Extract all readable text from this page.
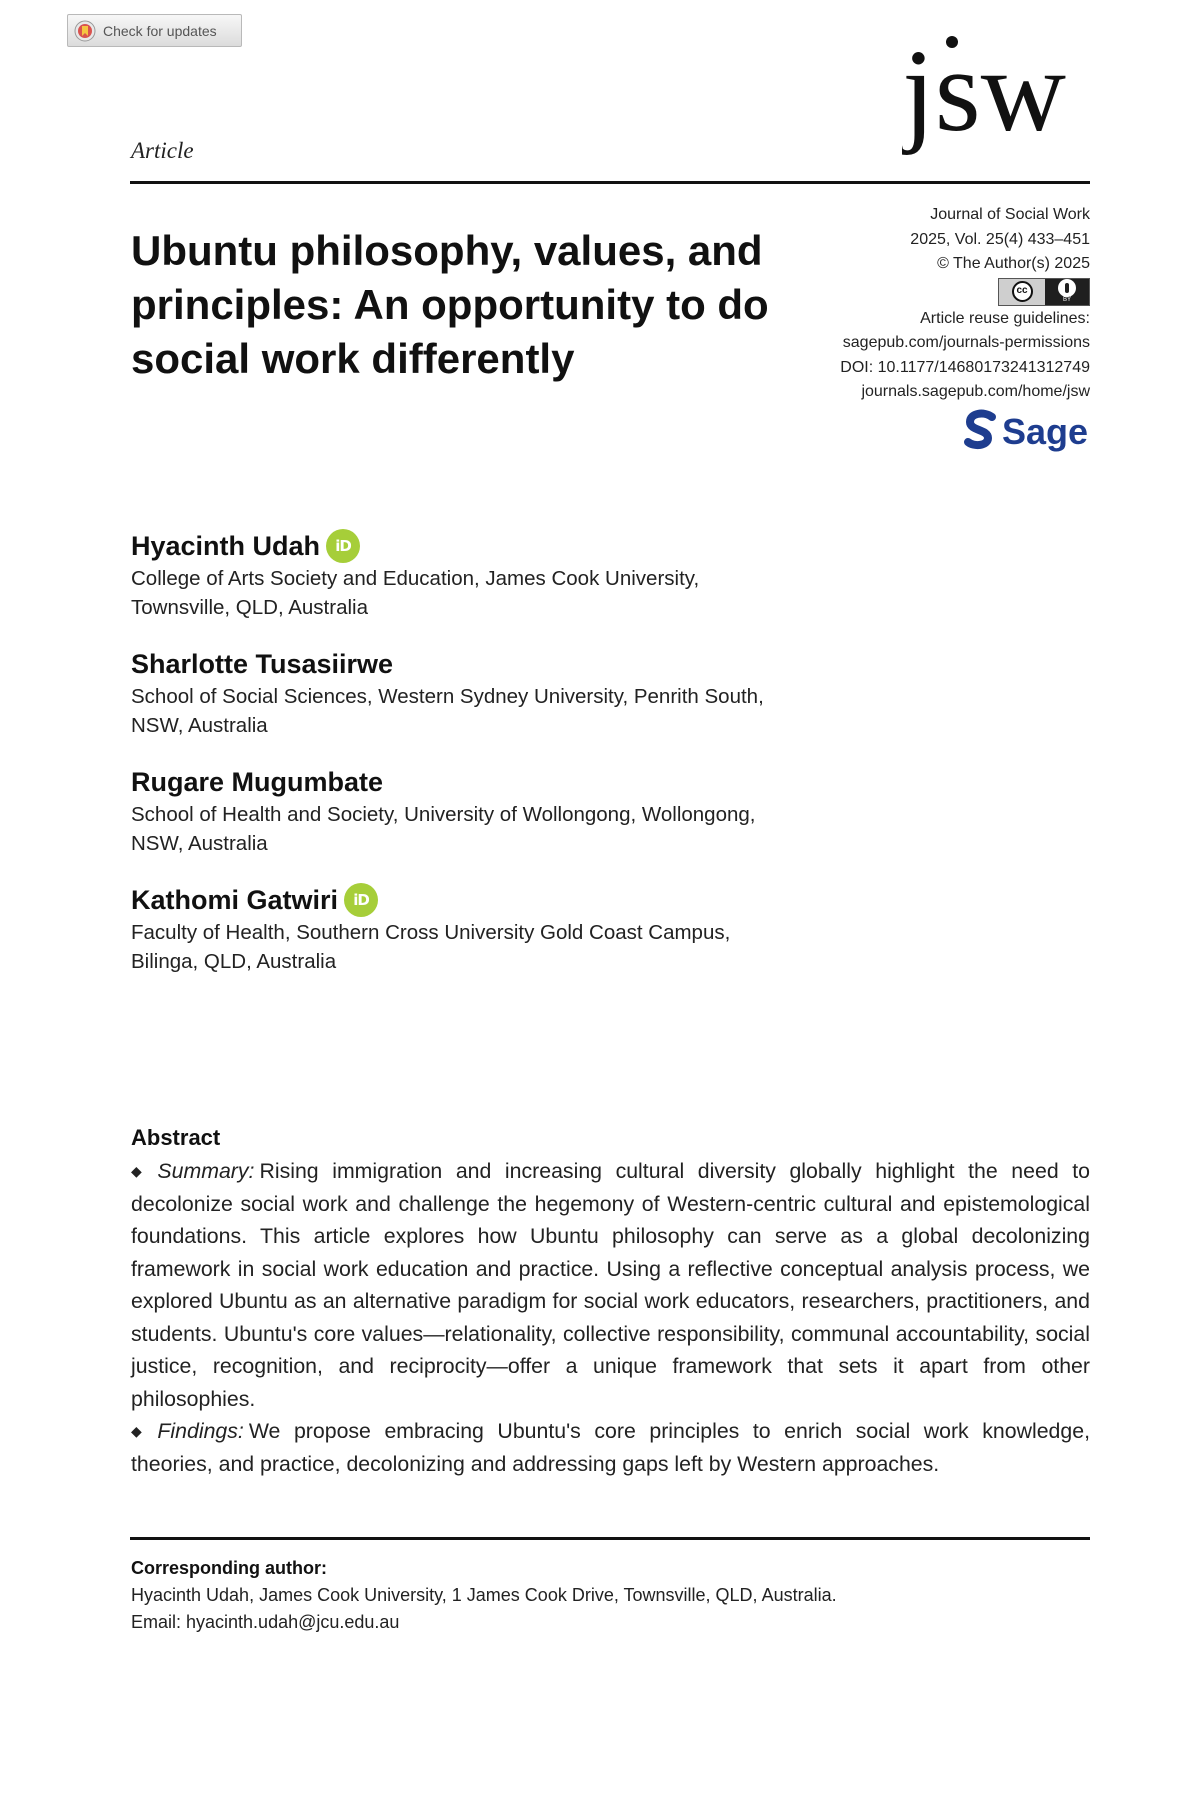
Check for updates	jsw
Article
Ubuntu philosophy, values, and principles: An opportunity to do social work differently
Journal of Social Work
2025, Vol. 25(4) 433–451
© The Author(s) 2025
cc
BY
Article reuse guidelines:
sagepub.com/journals-permissions
DOI: 10.1177/14680173241312749
journals.sagepub.com/home/jsw
Sage
Hyacinth Udah	iD
College of Arts Society and Education, James Cook University, Townsville, QLD, Australia
Sharlotte Tusasiirwe
School of Social Sciences, Western Sydney University, Penrith South, NSW, Australia
Rugare Mugumbate
School of Health and Society, University of Wollongong, Wollongong, NSW, Australia
Kathomi Gatwiri	iD
Faculty of Health, Southern Cross University Gold Coast Campus, Bilinga, QLD, Australia
Abstract

◆ Summary: Rising immigration and increasing cultural diversity globally highlight the need to decolonize social work and challenge the hegemony of Western-centric cultural and epistemological foundations. This article explores how Ubuntu philosophy can serve as a global decolonizing framework in social work education and practice. Using a reflective conceptual analysis process, we explored Ubuntu as an alternative paradigm for social work educators, researchers, practitioners, and students. Ubuntu's core values—relationality, collective responsibility, communal accountability, social justice, recognition, and reciprocity—offer a unique framework that sets it apart from other philosophies.

◆ Findings: We propose embracing Ubuntu's core principles to enrich social work knowledge, theories, and practice, decolonizing and addressing gaps left by Western approaches.

Corresponding author:
Hyacinth Udah, James Cook University, 1 James Cook Drive, Townsville, QLD, Australia.
Email: hyacinth.udah@jcu.edu.au
